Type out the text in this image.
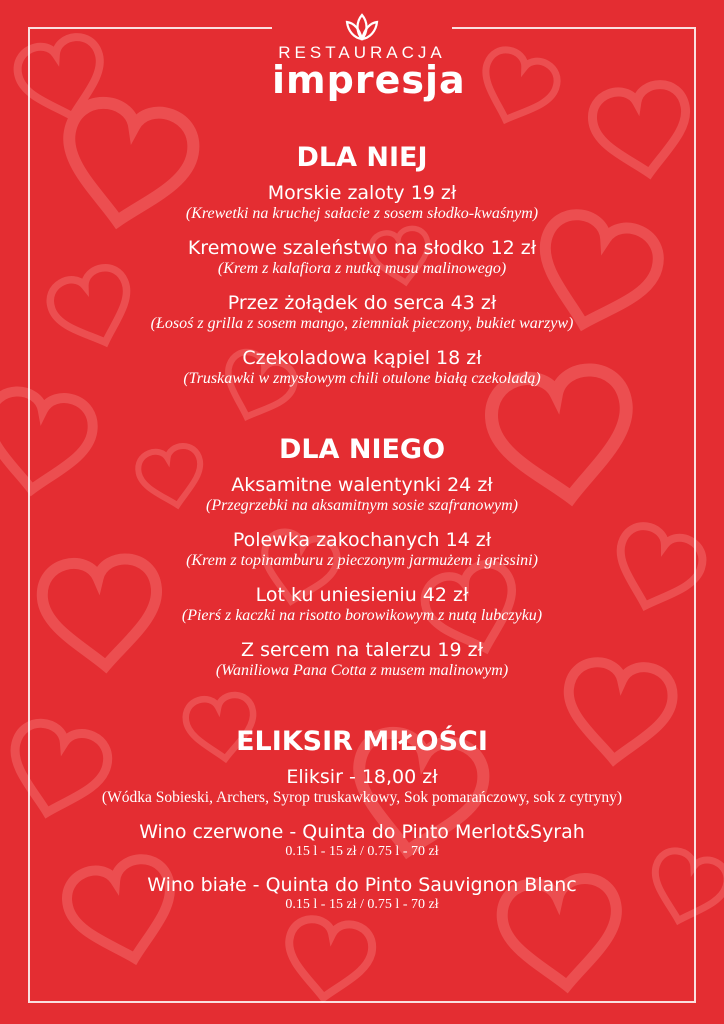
RESTAURACJA
impresja
DLA NIEJ
Morskie zaloty 19 zł
(Krewetki na kruchej sałacie z sosem słodko-kwaśnym)
Kremowe szaleństwo na słodko 12 zł
(Krem z kalafiora z nutką musu malinowego)
Przez żołądek do serca 43 zł
(Łosoś z grilla z sosem mango, ziemniak pieczony, bukiet warzyw)
Czekoladowa kąpiel 18 zł
(Truskawki w zmysłowym chili otulone białą czekoladą)
DLA NIEGO
Aksamitne walentynki 24 zł
(Przegrzebki na aksamitnym sosie szafranowym)
Polewka zakochanych 14 zł
(Krem z topinamburu z pieczonym jarmużem i grissini)
Lot ku uniesieniu 42 zł
(Pierś z kaczki na risotto borowikowym z nutą lubczyku)
Z sercem na talerzu 19 zł
(Waniliowa Pana Cotta z musem malinowym)
ELIKSIR MIŁOŚCI
Eliksir - 18,00 zł
(Wódka Sobieski, Archers, Syrop truskawkowy, Sok pomarańczowy, sok z cytryny)
Wino czerwone - Quinta do Pinto Merlot&Syrah
0.15 l - 15 zł / 0.75 l - 70 zł
Wino białe - Quinta do Pinto Sauvignon Blanc
0.15 l - 15 zł / 0.75 l - 70 zł
